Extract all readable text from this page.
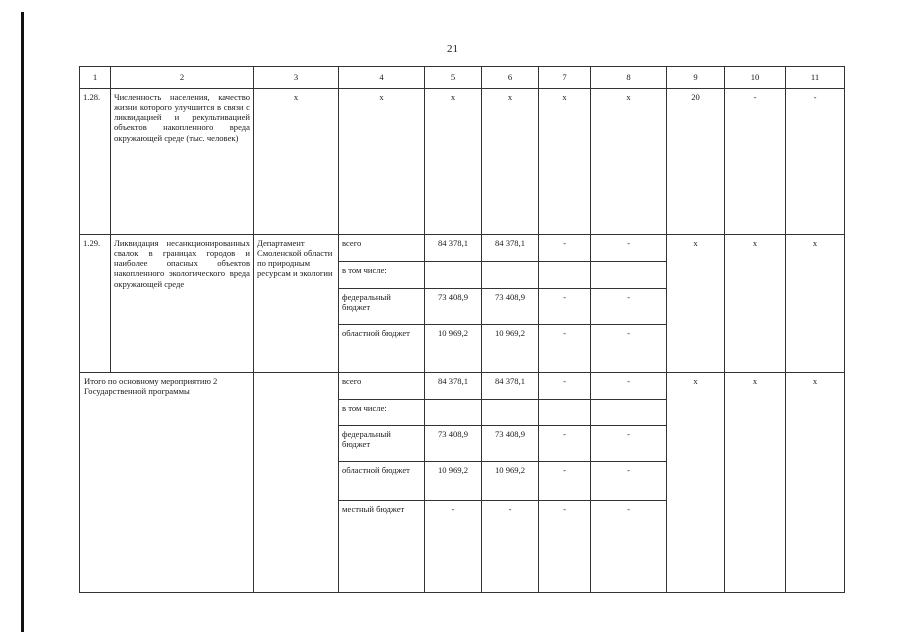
21
1	2	3	4	5	6	7	8	9	10	11
1.28.	Численность населения, качество жизни которого улучшится в связи с ликвидацией и рекультивацией объектов накопленного вреда окружающей среде (тыс. человек)	х	х	х	х	х	х	20	-	-
1.29.	Ликвидация несанкционированных свалок в границах городов и наиболее опасных объектов накопленного экологического вреда окружающей среде	Департамент Смоленской области по природным ресурсам и экологии	всего	84 378,1	84 378,1	-	-	х	х	х
			в том числе:							
			федеральный бюджет	73 408,9	73 408,9	-	-			
			областной бюджет	10 969,2	10 969,2	-	-			

Итого по основному мероприятию 2 Государственной программы			всего	84 378,1	84 378,1	-	-	х	х	х
			в том числе:							
			федеральный бюджет	73 408,9	73 408,9	-	-			
			областной бюджет	10 969,2	10 969,2	-	-			
			местный бюджет	-	-	-	-			
